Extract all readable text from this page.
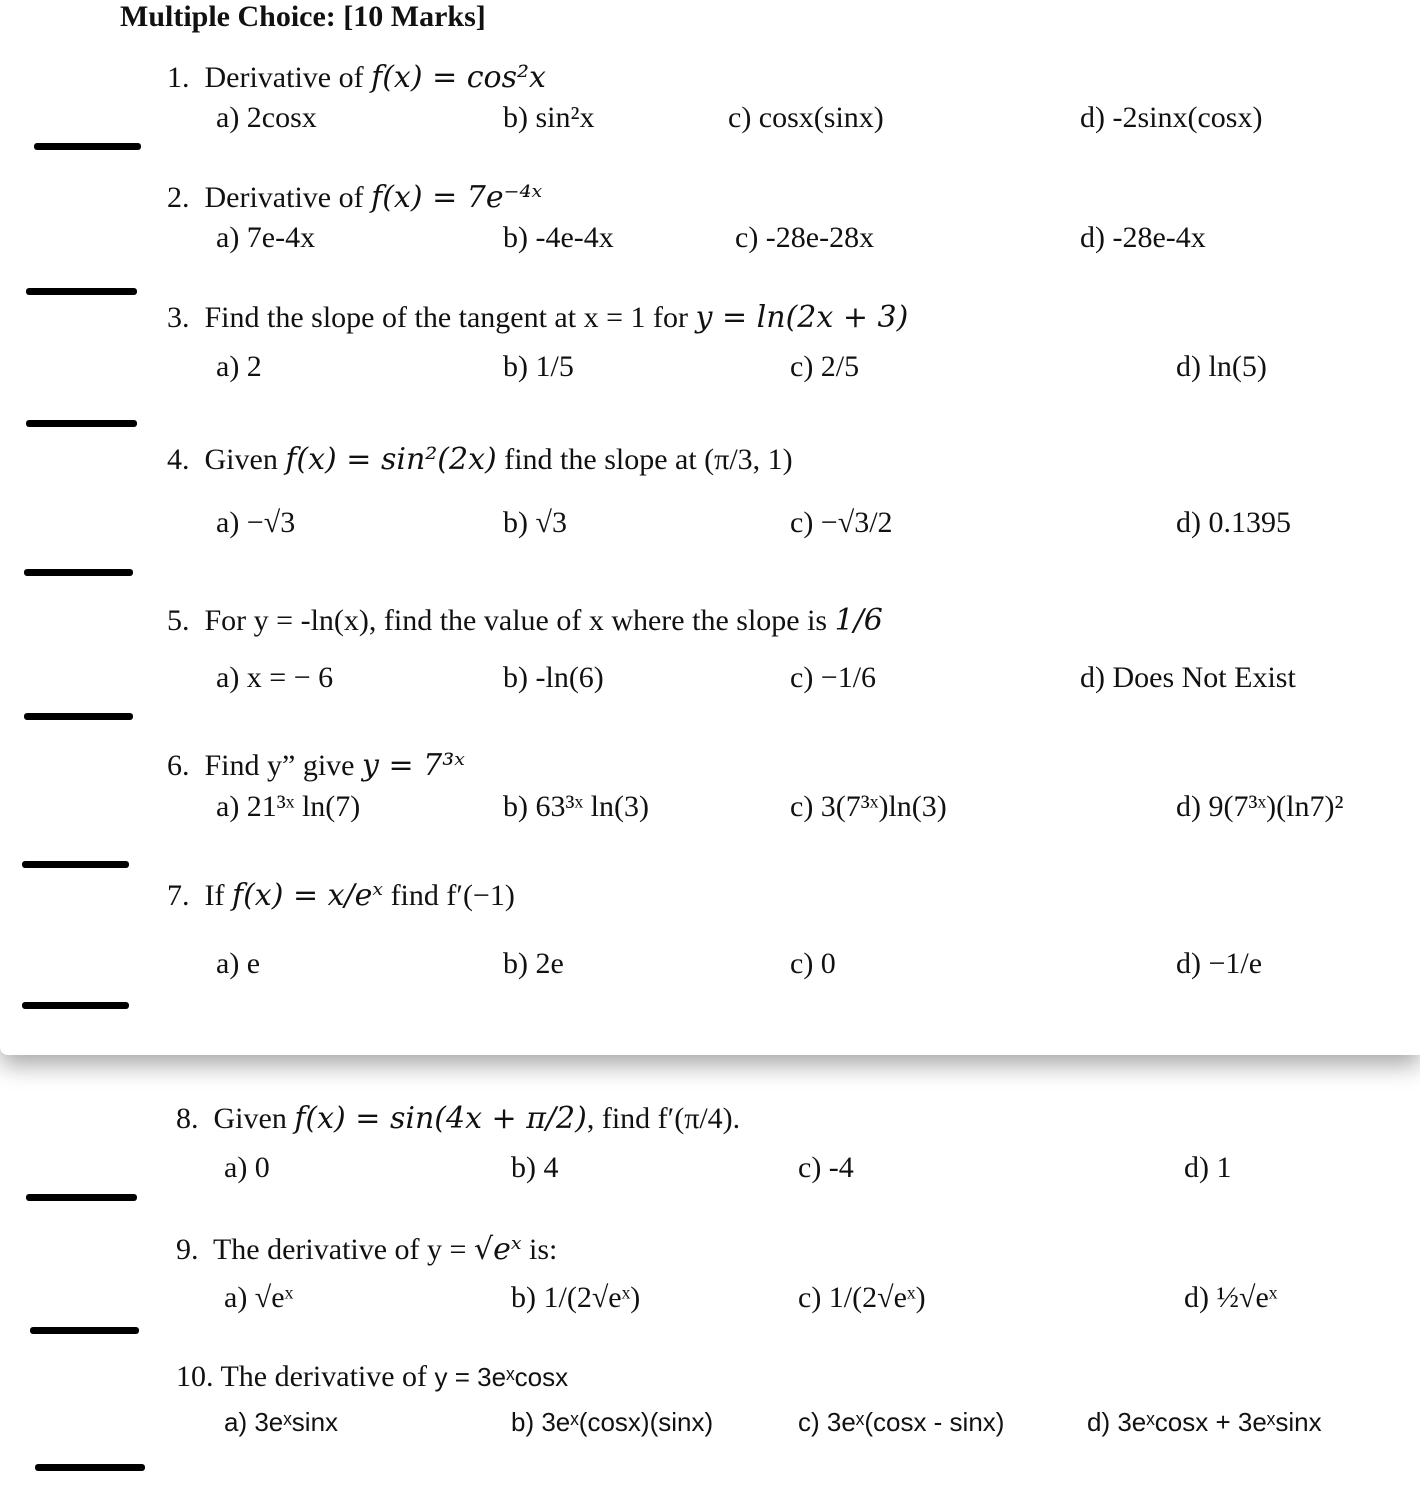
Multiple Choice: [10 Marks]
1. Derivative of f(x) = cos²x
a) 2cosx	b) sin²x	c) cosx(sinx)	d) -2sinx(cosx)
2. Derivative of f(x) = 7e⁻⁴ˣ
a) 7e-4x	b) -4e-4x	c) -28e-28x	d) -28e-4x
3. Find the slope of the tangent at x = 1 for y = ln(2x + 3)
a) 2	b) 1/5	c) 2/5	d) ln(5)
4. Given f(x) = sin²(2x) find the slope at (π/3, 1)
a) −√3	b) √3	c) −√3/2	d) 0.1395
5. For y = -ln(x), find the value of x where the slope is 1/6
a) x = − 6	b) -ln(6)	c) −1/6	d) Does Not Exist
6. Find y” give y = 7³ˣ
a) 21³ˣ ln(7)	b) 63³ˣ ln(3)	c) 3(7³ˣ)ln(3)	d) 9(7³ˣ)(ln7)²
7. If f(x) = x/eˣ find f′(−1)
a) e	b) 2e	c) 0	d) −1/e
8. Given f(x) = sin(4x + π/2), find f′(π/4).
a) 0	b) 4	c) -4	d) 1
9. The derivative of y = √eˣ is:
a) √eˣ	b) 1/(2√eˣ)	c) 1/(2√eˣ)	d) ½√eˣ
10. The derivative of y = 3eˣcosx
a) 3eˣsinx	b) 3eˣ(cosx)(sinx)	c) 3eˣ(cosx - sinx)	d) 3eˣcosx + 3eˣsinx
